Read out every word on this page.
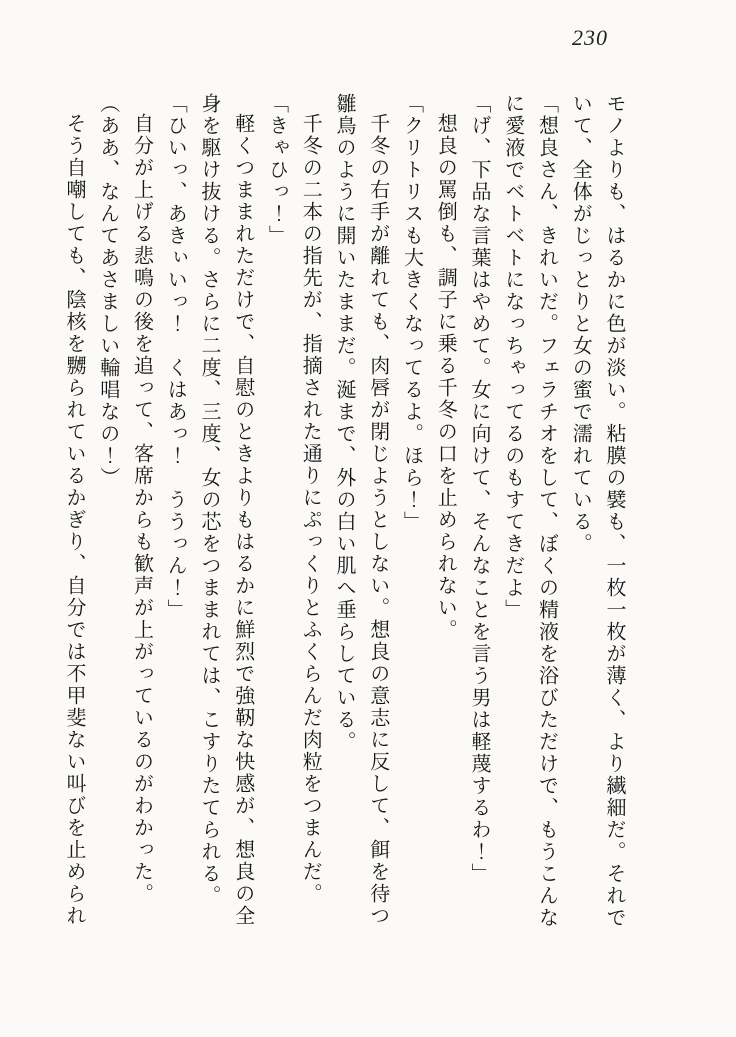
230

モノよりも、はるかに色が淡い。粘膜の襞も、一枚一枚が薄く、より繊細だ。それでいて、全体がじっとりと女の蜜で濡れている。

「想良さん、きれいだ。フェラチオをして、ぼくの精液を浴びただけで、もうこんなに愛液でベトベトになっちゃってるのもすてきだよ」

「げ、下品な言葉はやめて。女に向けて、そんなことを言う男は軽蔑するわ！」

想良の罵倒も、調子に乗る千冬の口を止められない。

「クリトリスも大きくなってるよ。ほら！」

千冬の右手が離れても、肉唇が閉じようとしない。想良の意志に反して、餌を待つ雛鳥のように開いたままだ。涎まで、外の白い肌へ垂らしている。

千冬の二本の指先が、指摘された通りにぷっくりとふくらんだ肉粒をつまんだ。

「きゃひっ！」

軽くつままれただけで、自慰のときよりもはるかに鮮烈で強靭な快感が、想良の全身を駆け抜ける。さらに二度、三度、女の芯をつままれては、こすりたてられる。

「ひいっ、あきぃいっ！　くはあっ！　ううっん！」

自分が上げる悲鳴の後を追って、客席からも歓声が上がっているのがわかった。

（ああ、なんてあさましい輪唱なの！）

そう自嘲しても、陰核を嬲られているかぎり、自分では不甲斐ない叫びを止められ
